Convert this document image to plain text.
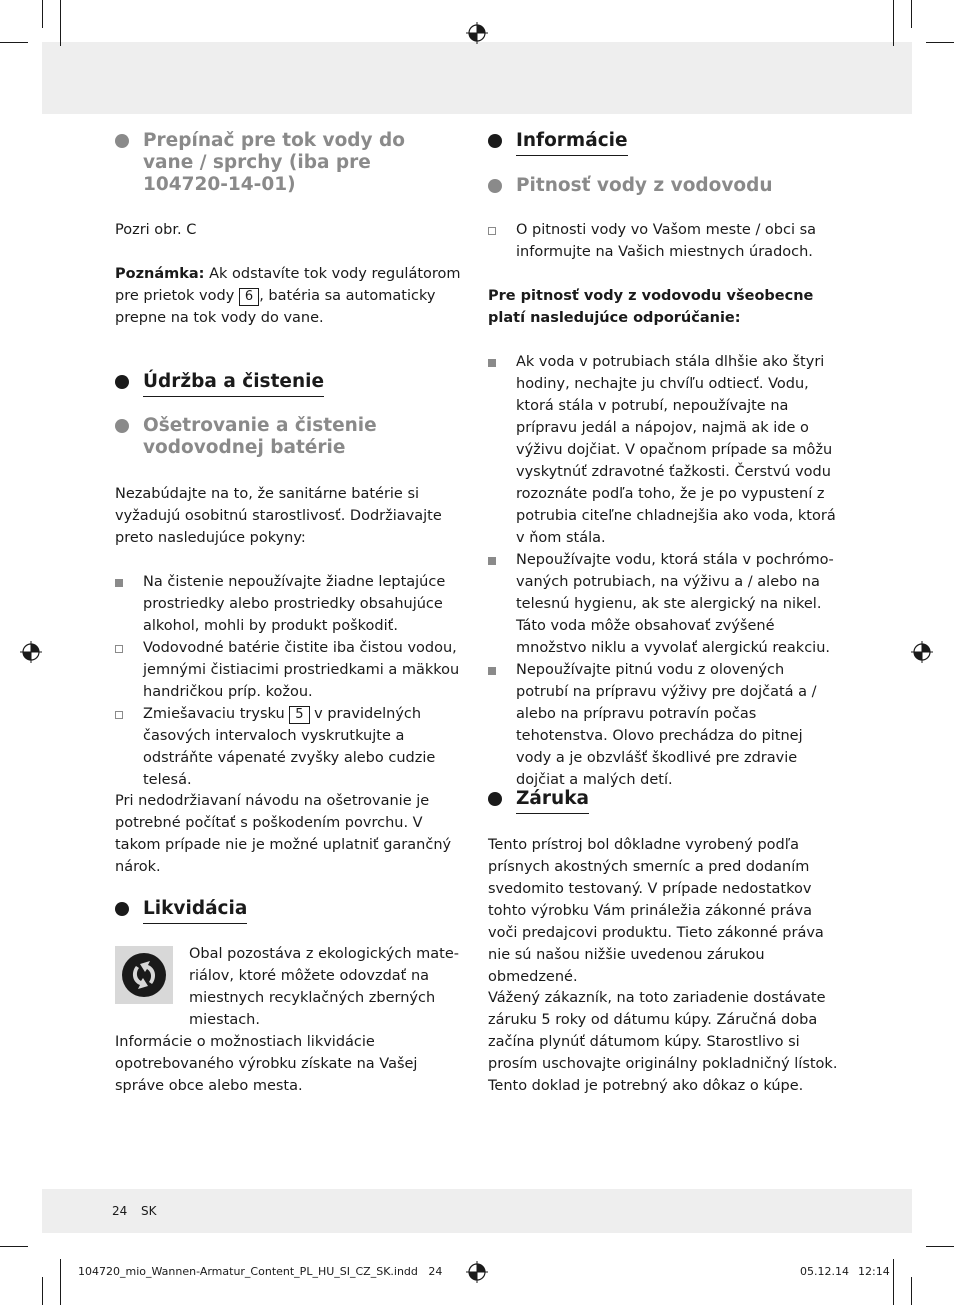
Prepínač pre tok vody do vane / sprchy (iba pre 104720-14-01)

Pozri obr. C

Poznámka: Ak odstavíte tok vody regulátorom pre prietok vody 6 , batéria sa automaticky prepne na tok vody do vane.

Údržba a čistenie
Ošetrovanie a čistenie vodovodnej batérie

Nezabúdajte na to, že sanitárne batérie si vyžadujú osobitnú starostlivosť. Dodržiavajte preto nasledujúce pokyny:

Na čistenie nepoužívajte žiadne leptajúce prostriedky alebo prostriedky obsahujúce alkohol, mohli by produkt poškodiť.
Vodovodné batérie čistite iba čistou vodou, jemnými čistiacimi prostriedkami a mäkkou handričkou príp. kožou.
Zmiešavaciu trysku 5 v pravidelných časových intervaloch vyskrutkujte a odstráňte vápenaté zvyšky alebo cudzie telesá.

Pri nedodržiavaní návodu na ošetrovanie je potrebné počítať s poškodením povrchu. V takom prípade nie je možné uplatniť garančný nárok.

Likvidácia

Obal pozostáva z ekologických materiálov, ktoré môžete odovzdať na miestnych recyklačných zberných miestach.

Informácie o možnostiach likvidácie opotrebovaného výrobku získate na Vašej správe obce alebo mesta.

Informácie
Pitnosť vody z vodovodu
O pitnosti vody vo Vašom meste / obci sa informujte na Vašich miestnych úradoch.

Pre pitnosť vody z vodovodu všeobecne platí nasledujúce odporúčanie:

Ak voda v potrubiach stála dlhšie ako štyri hodiny, nechajte ju chvíľu odtiecť. Vodu, ktorá stála v potrubí, nepoužívajte na prípravu jedál a nápojov, najmä ak ide o výživu dojčiat. V opačnom prípade sa môžu vyskytnúť zdravotné ťažkosti. Čerstvú vodu rozoznáte podľa toho, že je po vypustení z potrubia citeľne chladnejšia ako voda, ktorá v ňom stála.
Nepoužívajte vodu, ktorá stála v pochrómovaných potrubiach, na výživu a / alebo na telesnú hygienu, ak ste alergický na nikel. Táto voda môže obsahovať zvýšené množstvo niklu a vyvolať alergickú reakciu.
Nepoužívajte pitnú vodu z olovených potrubí na prípravu výživy pre dojčatá a / alebo na prípravu potravín počas tehotenstva. Olovo prechádza do pitnej vody a je obzvlášť škodlivé pre zdravie dojčiat a malých detí.
Záruka

Tento prístroj bol dôkladne vyrobený podľa prísnych akostných smerníc a pred dodaním svedomito testovaný. V prípade nedostatkov tohto výrobku Vám prináležia zákonné práva voči predajcovi produktu. Tieto zákonné práva nie sú našou nižšie uvedenou zárukou obmedzené.

Vážený zákazník, na toto zariadenie dostávate záruku 5 roky od dátumu kúpy. Záručná doba začína plynúť dátumom kúpy. Starostlivo si prosím uschovajte originálny pokladničný lístok. Tento doklad je potrebný ako dôkaz o kúpe.

24 SK
104720_mio_Wannen-Armatur_Content_PL_HU_SI_CZ_SK.indd   24	05.12.14 12:14
